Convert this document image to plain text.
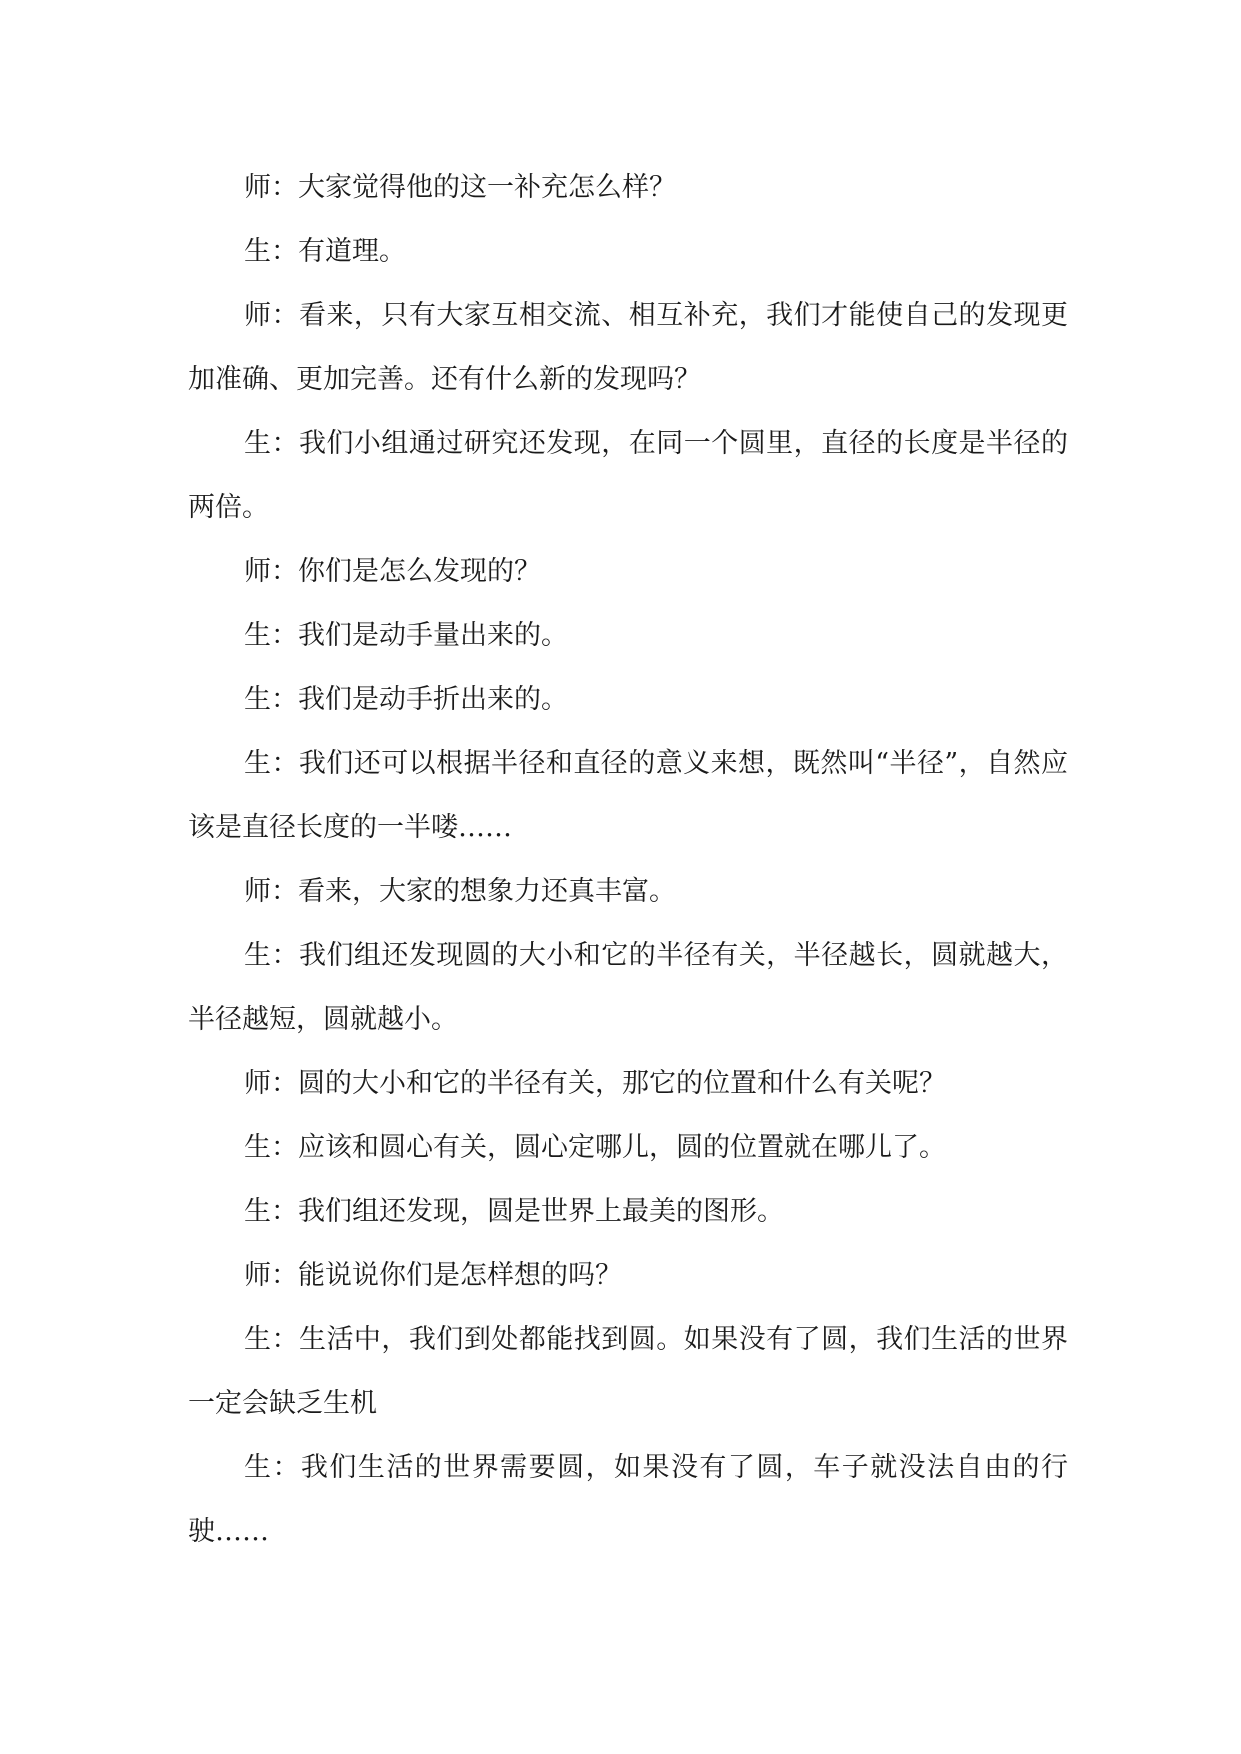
师：大家觉得他的这一补充怎么样？

生：有道理。

师：看来，只有大家互相交流、相互补充，我们才能使自己的发现更加准确、更加完善。还有什么新的发现吗？

生：我们小组通过研究还发现，在同一个圆里，直径的长度是半径的两倍。

师：你们是怎么发现的？

生：我们是动手量出来的。

生：我们是动手折出来的。

生：我们还可以根据半径和直径的意义来想，既然叫“半径”，自然应该是直径长度的一半喽……

师：看来，大家的想象力还真丰富。

生：我们组还发现圆的大小和它的半径有关，半径越长，圆就越大，半径越短，圆就越小。

师：圆的大小和它的半径有关，那它的位置和什么有关呢？

生：应该和圆心有关，圆心定哪儿，圆的位置就在哪儿了。

生：我们组还发现，圆是世界上最美的图形。

师：能说说你们是怎样想的吗？

生：生活中，我们到处都能找到圆。如果没有了圆，我们生活的世界一定会缺乏生机

生：我们生活的世界需要圆，如果没有了圆，车子就没法自由的行驶……
